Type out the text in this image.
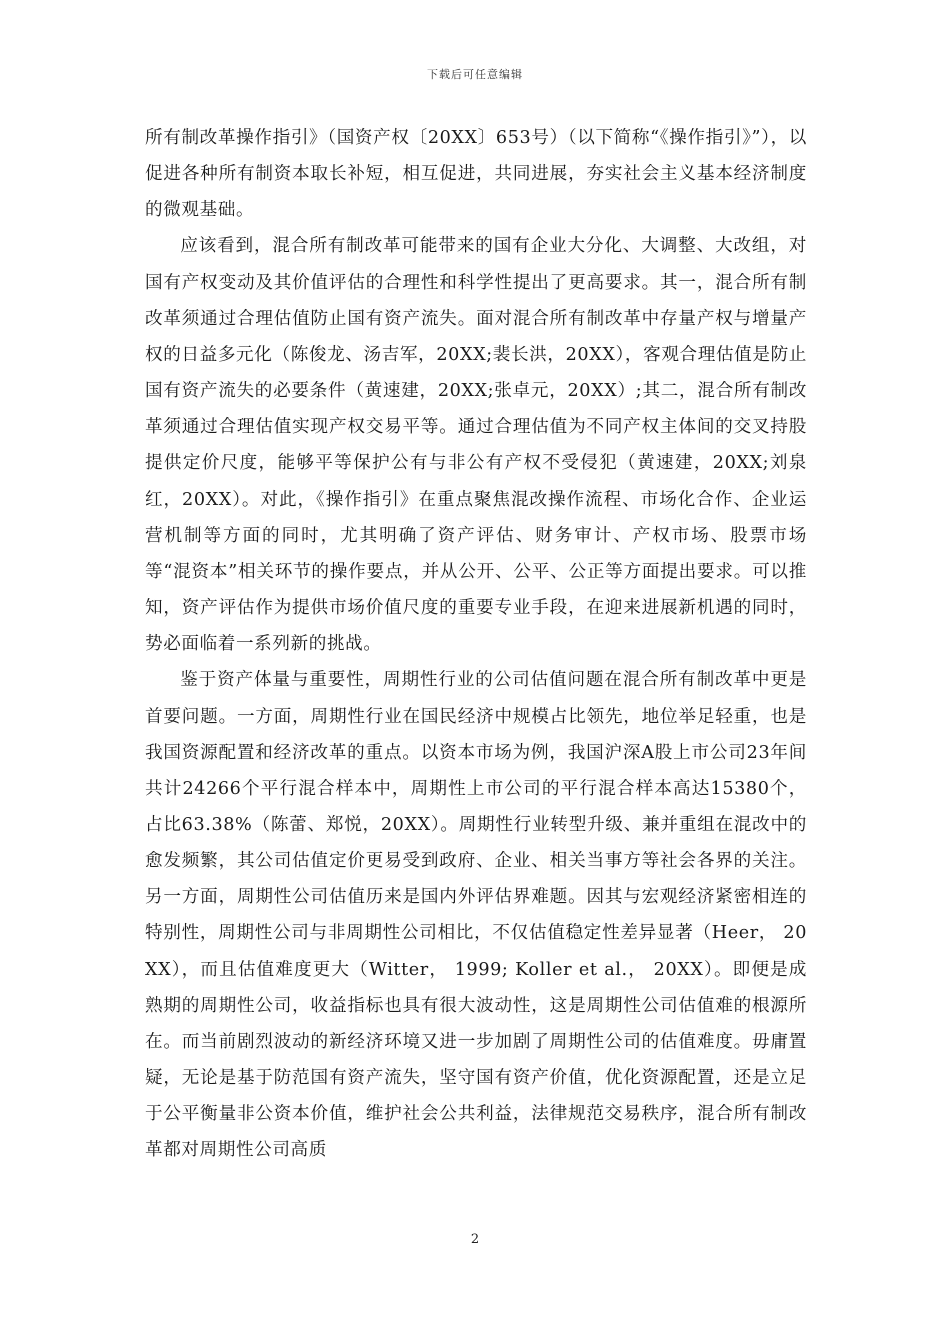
下载后可任意编辑

所有制改革操作指引》（国资产权〔20XX〕653号）（以下简称“《操作指引》”），以促进各种所有制资本取长补短，相互促进，共同进展，夯实社会主义基本经济制度的微观基础。

应该看到，混合所有制改革可能带来的国有企业大分化、大调整、大改组，对国有产权变动及其价值评估的合理性和科学性提出了更高要求。其一，混合所有制改革须通过合理估值防止国有资产流失。面对混合所有制改革中存量产权与增量产权的日益多元化（陈俊龙、汤吉军，20XX;裴长洪，20XX），客观合理估值是防止国有资产流失的必要条件（黄速建，20XX;张卓元，20XX）;其二，混合所有制改革须通过合理估值实现产权交易平等。通过合理估值为不同产权主体间的交叉持股提供定价尺度，能够平等保护公有与非公有产权不受侵犯（黄速建，20XX;刘泉红，20XX）。对此，《操作指引》在重点聚焦混改操作流程、市场化合作、企业运营机制等方面的同时，尤其明确了资产评估、财务审计、产权市场、股票市场等“混资本”相关环节的操作要点，并从公开、公平、公正等方面提出要求。可以推知，资产评估作为提供市场价值尺度的重要专业手段，在迎来进展新机遇的同时，势必面临着一系列新的挑战。

鉴于资产体量与重要性，周期性行业的公司估值问题在混合所有制改革中更是首要问题。一方面，周期性行业在国民经济中规模占比领先，地位举足轻重，也是我国资源配置和经济改革的重点。以资本市场为例，我国沪深A股上市公司23年间共计24266个平行混合样本中，周期性上市公司的平行混合样本高达15380个，占比63.38%（陈蕾、郑悦，20XX）。周期性行业转型升级、兼并重组在混改中的愈发频繁，其公司估值定价更易受到政府、企业、相关当事方等社会各界的关注。另一方面，周期性公司估值历来是国内外评估界难题。因其与宏观经济紧密相连的特别性，周期性公司与非周期性公司相比，不仅估值稳定性差异显著（Heer， 20XX），而且估值难度更大（Witter， 1999; Koller et al.， 20XX）。即便是成熟期的周期性公司，收益指标也具有很大波动性，这是周期性公司估值难的根源所在。而当前剧烈波动的新经济环境又进一步加剧了周期性公司的估值难度。毋庸置疑，无论是基于防范国有资产流失，坚守国有资产价值，优化资源配置，还是立足于公平衡量非公资本价值，维护社会公共利益，法律规范交易秩序，混合所有制改革都对周期性公司高质

2
